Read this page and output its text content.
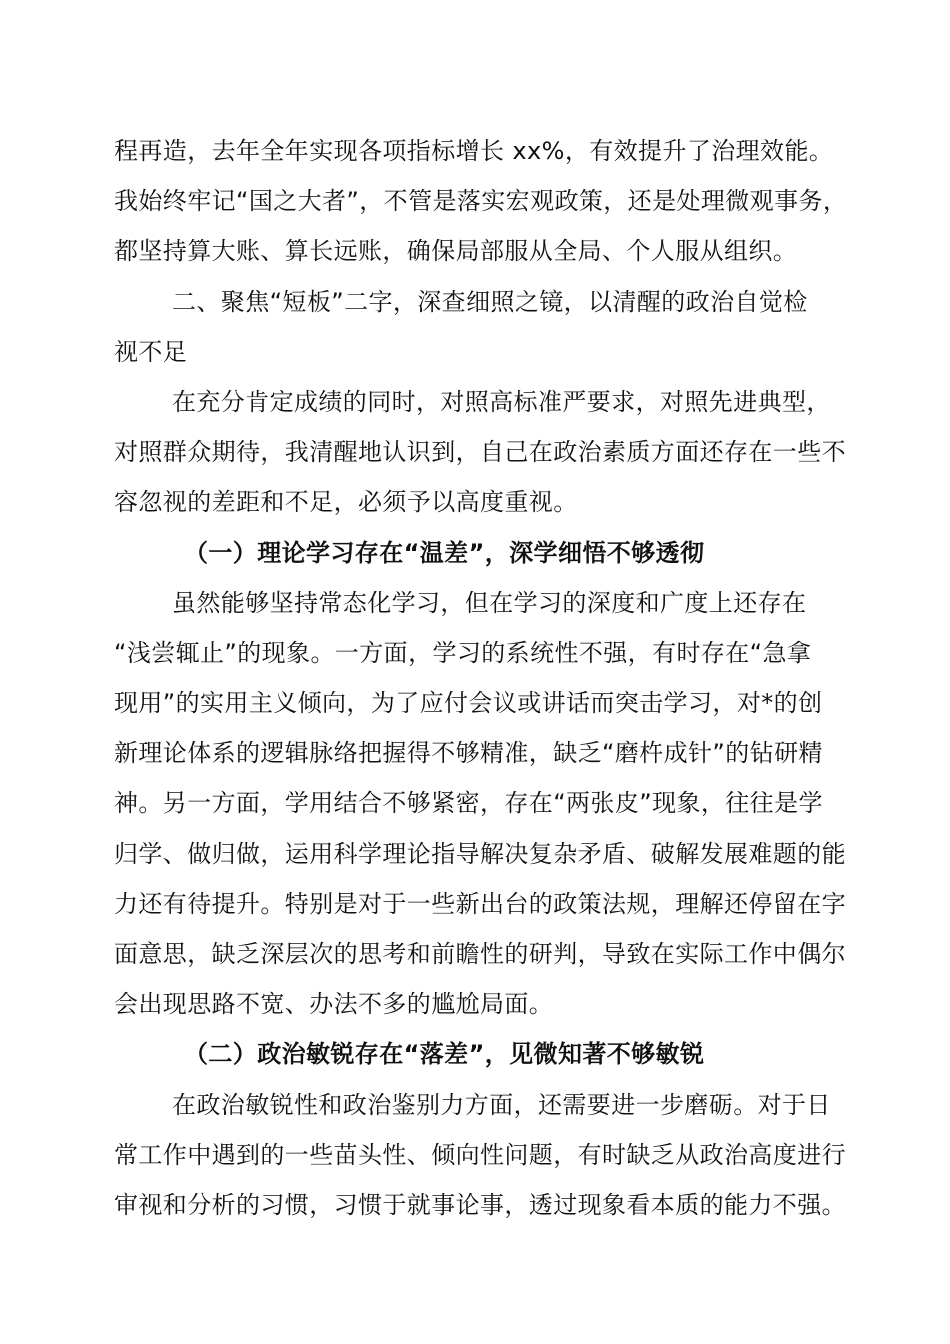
程再造，去年全年实现各项指标增长 xx%，有效提升了治理效能。
我始终牢记“国之大者”，不管是落实宏观政策，还是处理微观事务，
都坚持算大账、算长远账，确保局部服从全局、个人服从组织。
二、聚焦“短板”二字，深查细照之镜，以清醒的政治自觉检
视不足
在充分肯定成绩的同时，对照高标准严要求，对照先进典型，
对照群众期待，我清醒地认识到，自己在政治素质方面还存在一些不
容忽视的差距和不足，必须予以高度重视。
（一）理论学习存在“温差”，深学细悟不够透彻
虽然能够坚持常态化学习，但在学习的深度和广度上还存在
“浅尝辄止”的现象。一方面，学习的系统性不强，有时存在“急拿
现用”的实用主义倾向，为了应付会议或讲话而突击学习，对*的创
新理论体系的逻辑脉络把握得不够精准，缺乏“磨杵成针”的钻研精
神。另一方面，学用结合不够紧密，存在“两张皮”现象，往往是学
归学、做归做，运用科学理论指导解决复杂矛盾、破解发展难题的能
力还有待提升。特别是对于一些新出台的政策法规，理解还停留在字
面意思，缺乏深层次的思考和前瞻性的研判，导致在实际工作中偶尔
会出现思路不宽、办法不多的尴尬局面。
（二）政治敏锐存在“落差”，见微知著不够敏锐
在政治敏锐性和政治鉴别力方面，还需要进一步磨砺。对于日
常工作中遇到的一些苗头性、倾向性问题，有时缺乏从政治高度进行
审视和分析的习惯，习惯于就事论事，透过现象看本质的能力不强。
